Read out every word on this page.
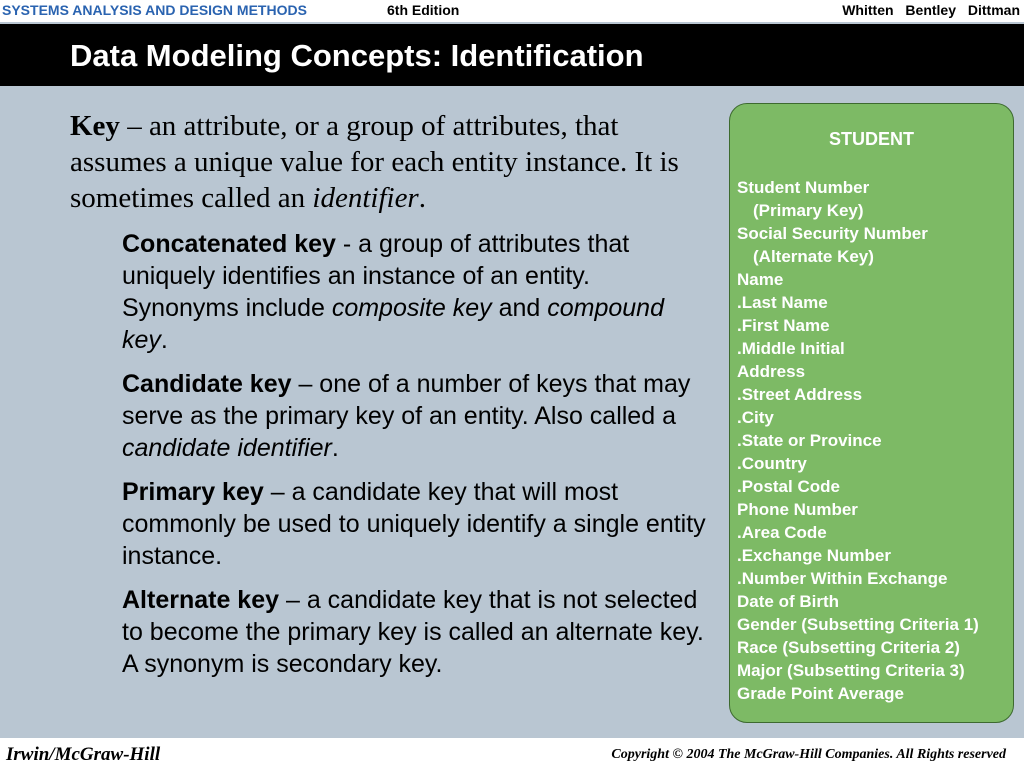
SYSTEMS ANALYSIS AND DESIGN METHODS	6th Edition	Whitten Bentley Dittman
Data Modeling Concepts: Identification
Key – an attribute, or a group of attributes, that assumes a unique value for each entity instance. It is sometimes called an identifier.
Concatenated key - a group of attributes that uniquely identifies an instance of an entity. Synonyms include composite key and compound key.
Candidate key – one of a number of keys that may serve as the primary key of an entity. Also called a candidate identifier.
Primary key – a candidate key that will most commonly be used to uniquely identify a single entity instance.
Alternate key – a candidate key that is not selected to become the primary key is called an alternate key. A synonym is secondary key.
STUDENT
Student Number
(Primary Key)
Social Security Number
(Alternate Key)
Name
.Last Name
.First Name
.Middle Initial
Address
.Street Address
.City
.State or Province
.Country
.Postal Code
Phone Number
.Area Code
.Exchange Number
.Number Within Exchange
Date of Birth
Gender (Subsetting Criteria 1)
Race (Subsetting Criteria 2)
Major (Subsetting Criteria 3)
Grade Point Average
Irwin/McGraw-Hill	Copyright © 2004 The McGraw-Hill Companies. All Rights reserved
